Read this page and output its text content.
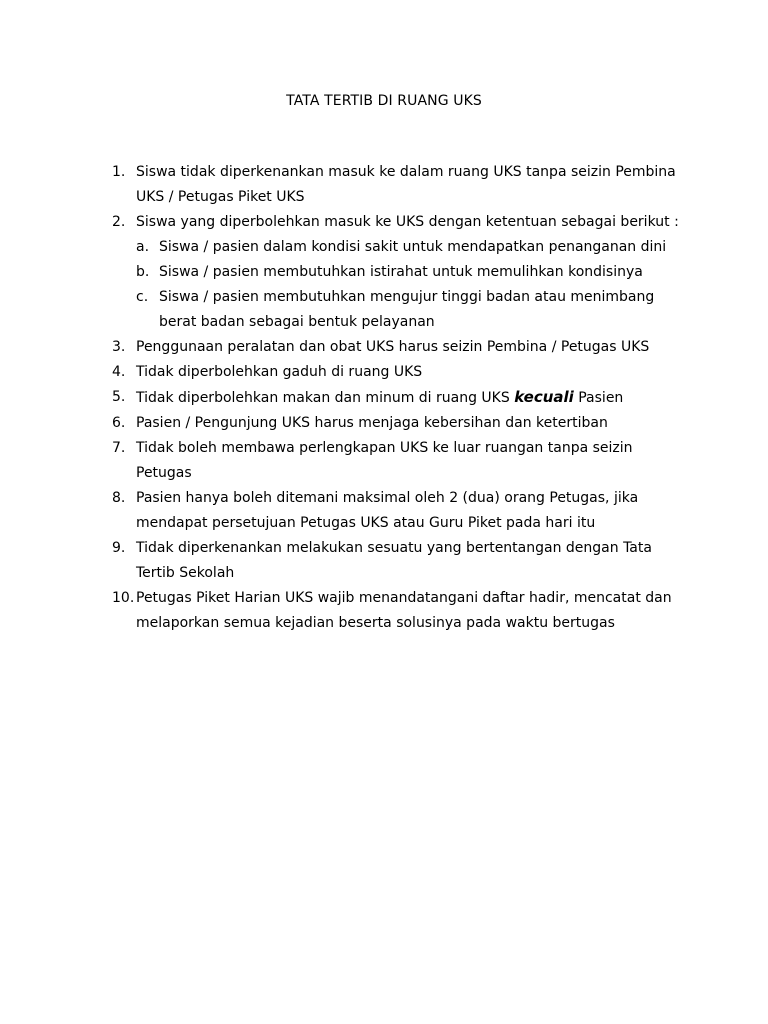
TATA TERTIB DI RUANG UKS
1. Siswa tidak diperkenankan masuk ke dalam ruang UKS tanpa seizin Pembina UKS / Petugas Piket UKS
2. Siswa yang diperbolehkan masuk ke UKS dengan ketentuan sebagai berikut :
a. Siswa / pasien dalam kondisi sakit untuk mendapatkan penanganan dini
b. Siswa / pasien membutuhkan istirahat untuk memulihkan kondisinya
c. Siswa / pasien membutuhkan mengujur tinggi badan atau menimbang berat badan sebagai bentuk pelayanan
3. Penggunaan peralatan dan obat UKS harus seizin Pembina / Petugas UKS
4. Tidak diperbolehkan gaduh di ruang UKS
5. Tidak diperbolehkan makan dan minum di ruang UKS kecuali Pasien
6. Pasien / Pengunjung UKS harus menjaga kebersihan dan ketertiban
7. Tidak boleh membawa perlengkapan UKS ke luar ruangan tanpa seizin Petugas
8. Pasien hanya boleh ditemani maksimal oleh 2 (dua) orang Petugas, jika mendapat persetujuan Petugas UKS atau Guru Piket pada hari itu
9. Tidak diperkenankan melakukan sesuatu yang bertentangan dengan Tata Tertib Sekolah
10. Petugas Piket Harian UKS wajib menandatangani daftar hadir, mencatat dan melaporkan semua kejadian beserta solusinya pada waktu bertugas
